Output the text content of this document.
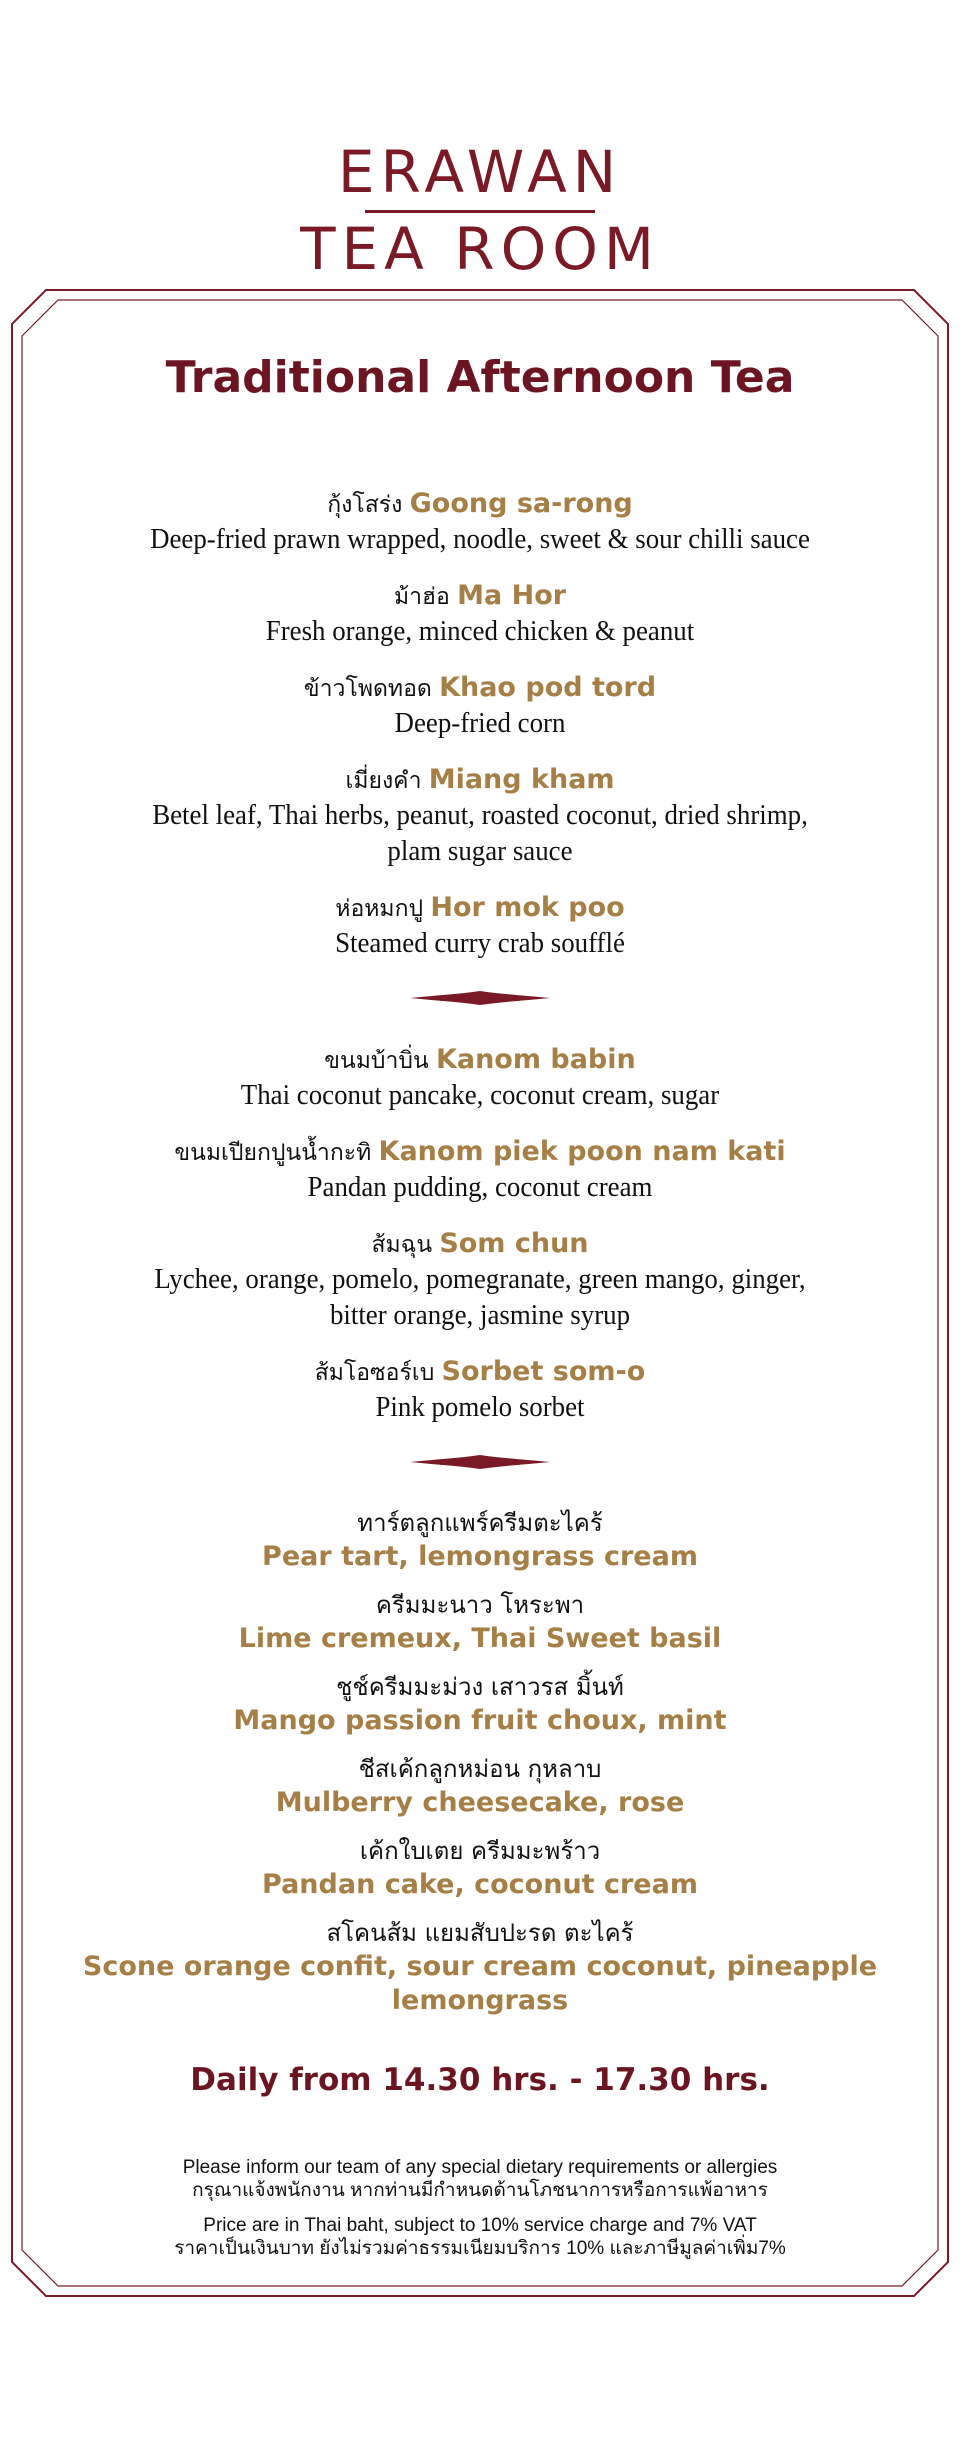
ERAWAN
TEA ROOM
Traditional Afternoon Tea
กุ้งโสร่ง Goong sa-rong
Deep-fried prawn wrapped, noodle, sweet & sour chilli sauce
ม้าฮ่อ Ma Hor
Fresh orange, minced chicken & peanut
ข้าวโพดทอด Khao pod tord
Deep-fried corn
เมี่ยงคำ Miang kham
Betel leaf, Thai herbs, peanut, roasted coconut, dried shrimp,
plam sugar sauce
ห่อหมกปู Hor mok poo
Steamed curry crab soufflé
ขนมบ้าบิ่น Kanom babin
Thai coconut pancake, coconut cream, sugar
ขนมเปียกปูนน้ำกะทิ Kanom piek poon nam kati
Pandan pudding, coconut cream
ส้มฉุน Som chun
Lychee, orange, pomelo, pomegranate, green mango, ginger,
bitter orange, jasmine syrup
ส้มโอซอร์เบ Sorbet som-o
Pink pomelo sorbet
ทาร์ตลูกแพร์ครีมตะไคร้
Pear tart, lemongrass cream
ครีมมะนาว โหระพา
Lime cremeux, Thai Sweet basil
ชูช์ครีมมะม่วง เสาวรส มิ้นท์
Mango passion fruit choux, mint
ชีสเค้กลูกหม่อน กุหลาบ
Mulberry cheesecake, rose
เค้กใบเตย ครีมมะพร้าว
Pandan cake, coconut cream
สโคนส้ม แยมสับปะรด ตะไคร้
Scone orange confit, sour cream coconut, pineapple lemongrass
Daily from 14.30 hrs. - 17.30 hrs.
Please inform our team of any special dietary requirements or allergies
กรุณาแจ้งพนักงาน หากท่านมีกำหนดด้านโภชนาการหรือการแพ้อาหาร
Price are in Thai baht, subject to 10% service charge and 7% VAT
ราคาเป็นเงินบาท ยังไม่รวมค่าธรรมเนียมบริการ 10% และภาษีมูลค่าเพิ่ม7%
